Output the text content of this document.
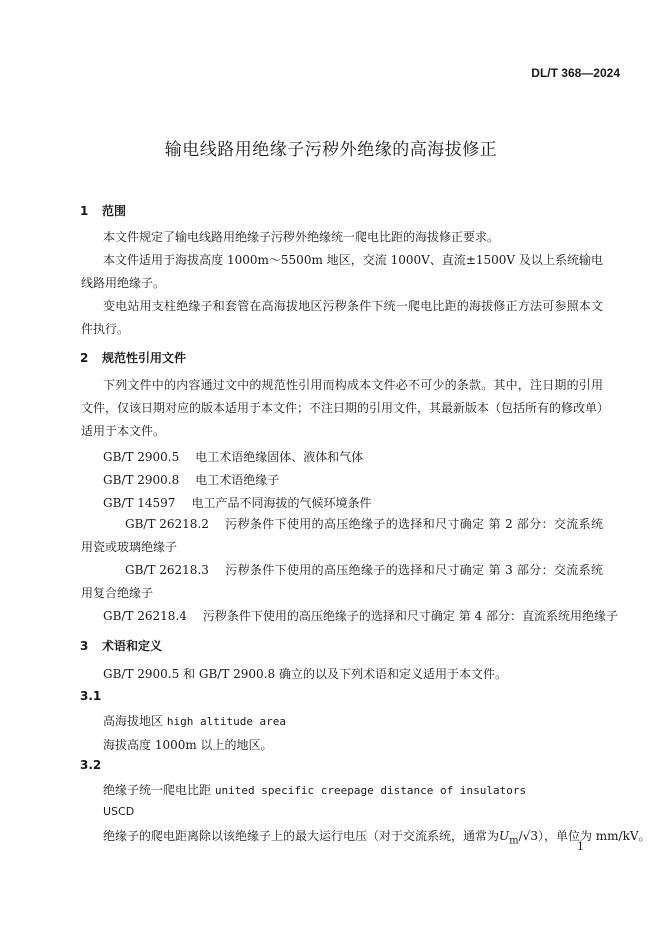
DL/T 368—2024
输电线路用绝缘子污秽外绝缘的高海拔修正
1 范围
本文件规定了输电线路用绝缘子污秽外绝缘统一爬电比距的海拔修正要求。
本文件适用于海拔高度 1000m～5500m 地区，交流 1000V、直流±1500V 及以上系统输电线路用绝缘子。
变电站用支柱绝缘子和套管在高海拔地区污秽条件下统一爬电比距的海拔修正方法可参照本文件执行。
2 规范性引用文件
下列文件中的内容通过文中的规范性引用而构成本文件必不可少的条款。其中，注日期的引用文件，仅该日期对应的版本适用于本文件；不注日期的引用文件，其最新版本（包括所有的修改单）适用于本文件。
GB/T 2900.5 电工术语绝缘固体、液体和气体
GB/T 2900.8 电工术语绝缘子
GB/T 14597 电工产品不同海拔的气候环境条件
GB/T 26218.2 污秽条件下使用的高压绝缘子的选择和尺寸确定 第 2 部分：交流系统用瓷或玻璃绝缘子
GB/T 26218.3 污秽条件下使用的高压绝缘子的选择和尺寸确定 第 3 部分：交流系统用复合绝缘子
GB/T 26218.4 污秽条件下使用的高压绝缘子的选择和尺寸确定 第 4 部分：直流系统用绝缘子
3 术语和定义
GB/T 2900.5 和 GB/T 2900.8 确立的以及下列术语和定义适用于本文件。
3.1
高海拔地区 high altitude area
海拔高度 1000m 以上的地区。
3.2
绝缘子统一爬电比距 united specific creepage distance of insulators
USCD
绝缘子的爬电距离除以该绝缘子上的最大运行电压（对于交流系统，通常为$U_m/√3$），单位为 mm/kV。
1
